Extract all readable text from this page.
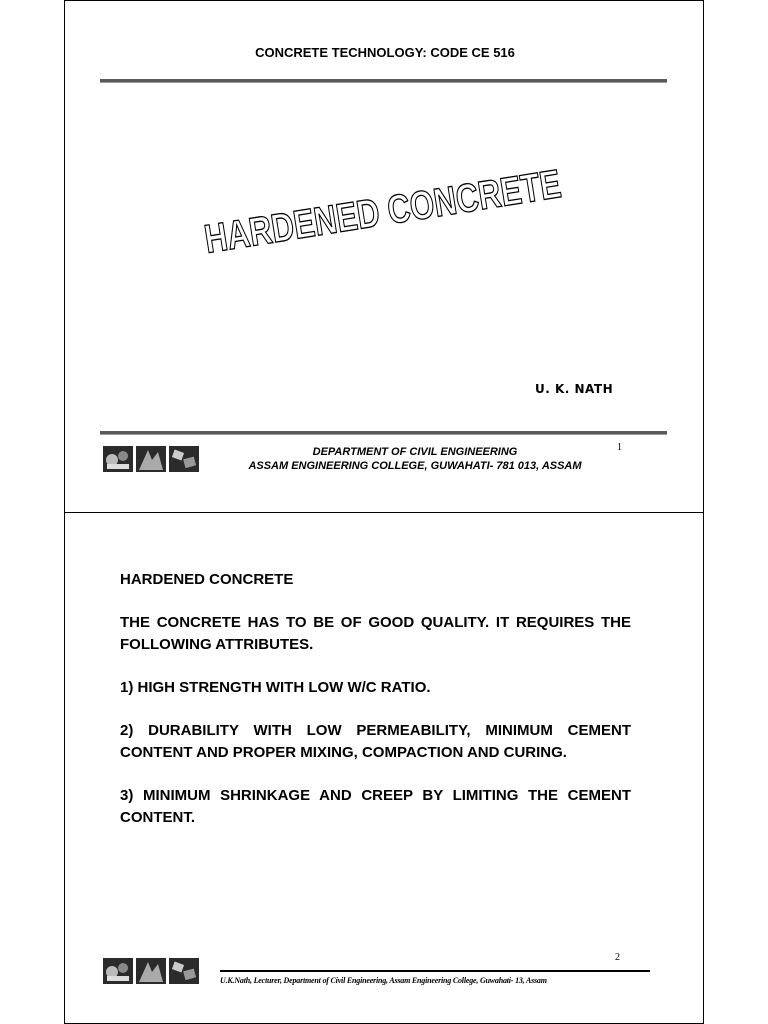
CONCRETE TECHNOLOGY: CODE CE 516
HARDENED CONCRETE
U. K. NATH
DEPARTMENT OF CIVIL ENGINEERING
ASSAM ENGINEERING COLLEGE, GUWAHATI- 781 013, ASSAM
1

HARDENED CONCRETE

THE CONCRETE HAS TO BE OF GOOD QUALITY. IT REQUIRES THE FOLLOWING ATTRIBUTES.

1) HIGH STRENGTH WITH LOW W/C RATIO.

2) DURABILITY WITH LOW PERMEABILITY, MINIMUM CEMENT CONTENT AND PROPER MIXING, COMPACTION AND CURING.

3) MINIMUM SHRINKAGE AND CREEP BY LIMITING THE CEMENT CONTENT.

2
U.K.Nath, Lecturer, Department of Civil Engineering, Assam Engineering College, Guwahati- 13, Assam
